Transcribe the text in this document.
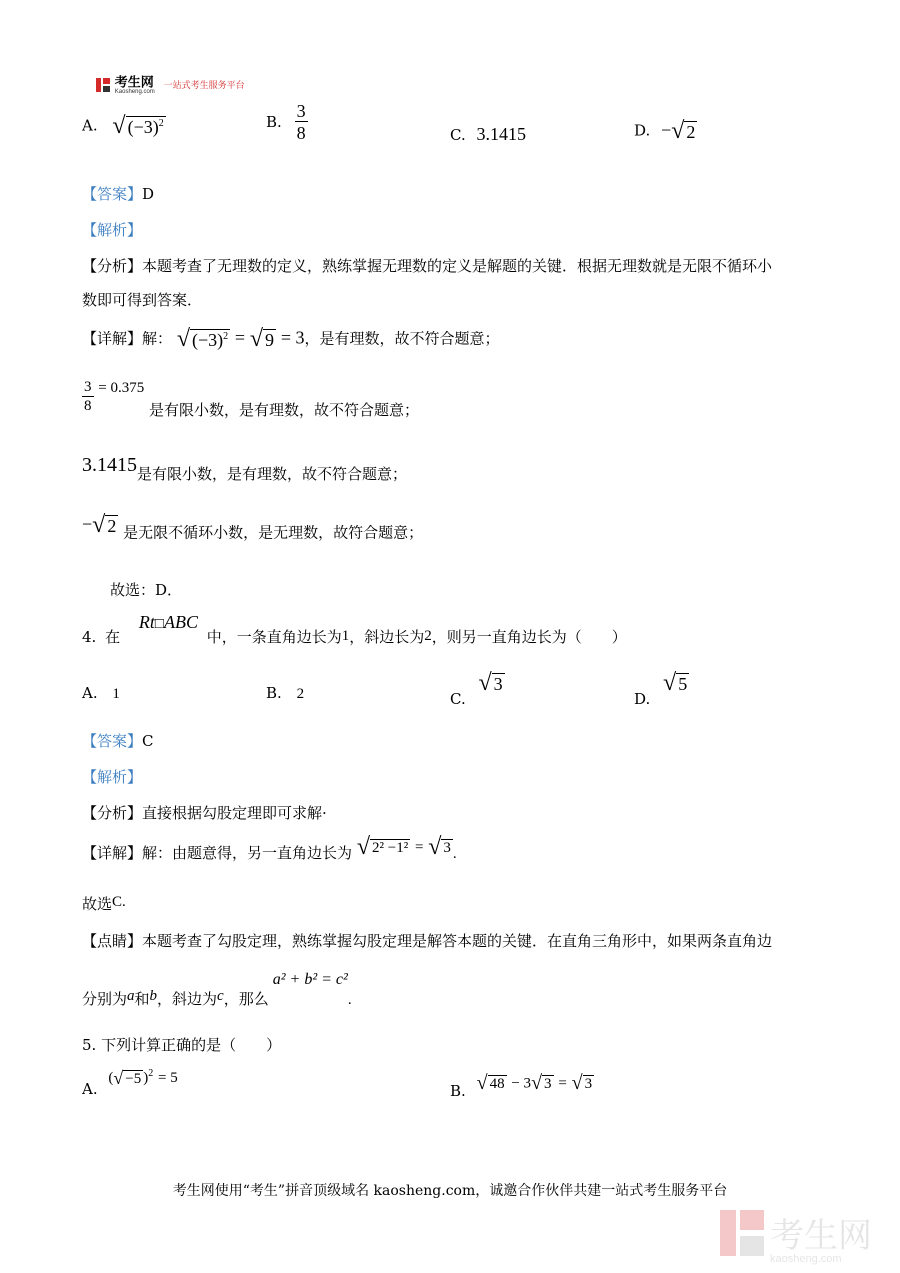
考生网
Kaosheng.com
一站式考生服务平台
A. √ $(-3)^2$	B. $\frac{3}{8}$	C. 3.1415	D. −√ 2
【答案】D
【解析】
【分析】本题考查了无理数的定义，熟练掌握无理数的定义是解题的关键．根据无理数就是无限不循环小
数即可得到答案．
【详解】解： √ $(-3)^2$ = √ 9 = 3，是有理数，故不符合题意；
$\frac{3}{8} = 0.375$ 是有限小数，是有理数，故不符合题意；
3.1415是有限小数，是有理数，故不符合题意；
−√ 2 是无限不循环小数，是无理数，故符合题意；
故选：D．
4. 在 Rt□ABC 中，一条直角边长为1，斜边长为2，则另一直角边长为（　　）
A. 1	B. 2	C. √ 3
D. √ 5
【答案】C
【解析】
【分析】直接根据勾股定理即可求解·
【详解】解：由题意得，另一直角边长为 √ 2² −1² = √ 3 .
故选C.
【点睛】本题考查了勾股定理，熟练掌握勾股定理是解答本题的关键．在直角三角形中，如果两条直角边
分别为a和b，斜边为c，那么a² + b² = c².
5. 下列计算正确的是（　　）
A. (√ −5 )$^2$ = 5
B. √ 48 − 3√ 3 = √ 3
考生网使用“考生”拼音顶级域名 kaosheng.com，诚邀合作伙伴共建一站式考生服务平台
考生网
kaosheng.com
